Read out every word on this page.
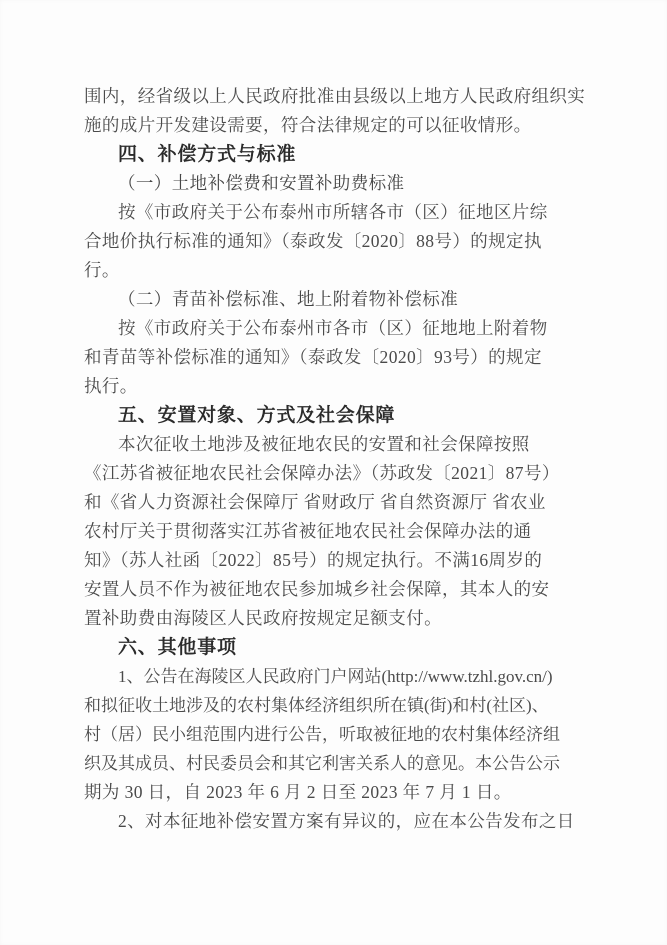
围内，经省级以上人民政府批准由县级以上地方人民政府组织实
施的成片开发建设需要，符合法律规定的可以征收情形。
四、补偿方式与标准
（一）土地补偿费和安置补助费标准
按《市政府关于公布泰州市所辖各市（区）征地区片综
合地价执行标准的通知》（泰政发〔2020〕88号）的规定执
行。
（二）青苗补偿标准、地上附着物补偿标准
按《市政府关于公布泰州市各市（区）征地地上附着物
和青苗等补偿标准的通知》（泰政发〔2020〕93号）的规定
执行。
五、安置对象、方式及社会保障
本次征收土地涉及被征地农民的安置和社会保障按照
《江苏省被征地农民社会保障办法》（苏政发〔2021〕87号）
和《省人力资源社会保障厅 省财政厅 省自然资源厅 省农业
农村厅关于贯彻落实江苏省被征地农民社会保障办法的通
知》（苏人社函〔2022〕85号）的规定执行。不满16周岁的
安置人员不作为被征地农民参加城乡社会保障，其本人的安
置补助费由海陵区人民政府按规定足额支付。
六、其他事项
1、公告在海陵区人民政府门户网站(http://www.tzhl.gov.cn/)
和拟征收土地涉及的农村集体经济组织所在镇(街)和村(社区)、
村（居）民小组范围内进行公告，听取被征地的农村集体经济组
织及其成员、村民委员会和其它利害关系人的意见。本公告公示
期为 30 日，自 2023 年 6 月 2 日至 2023 年 7 月 1 日。
2、对本征地补偿安置方案有异议的，应在本公告发布之日
